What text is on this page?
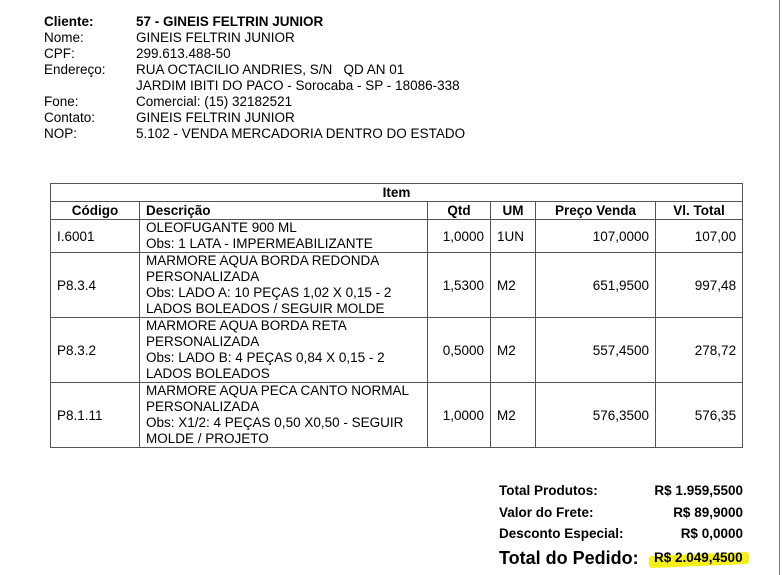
Cliente:	57 - GINEIS FELTRIN JUNIOR
Nome:	GINEIS FELTRIN JUNIOR
CPF:	299.613.488-50
Endereço:	RUA OCTACILIO ANDRIES, S/N   QD AN 01
JARDIM IBITI DO PACO - Sorocaba - SP - 18086-338
Fone:	Comercial: (15) 32182521
Contato:	GINEIS FELTRIN JUNIOR
NOP:	5.102 - VENDA MERCADORIA DENTRO DO ESTADO
Item					
Código	Descrição	Qtd	UM	Preço Venda	Vl. Total
I.6001	OLEOFUGANTE 900 ML
Obs: 1 LATA - IMPERMEABILIZANTE	1,0000	1UN	107,0000	107,00
P8.3.4	MARMORE AQUA BORDA REDONDA
PERSONALIZADA
Obs: LADO A: 10 PEÇAS 1,02 X 0,15 - 2
LADOS BOLEADOS / SEGUIR MOLDE	1,5300	M2	651,9500	997,48
P8.3.2	MARMORE AQUA BORDA RETA
PERSONALIZADA
Obs: LADO B: 4 PEÇAS 0,84 X 0,15 - 2
LADOS BOLEADOS	0,5000	M2	557,4500	278,72
P8.1.11	MARMORE AQUA PECA CANTO NORMAL
PERSONALIZADA
Obs: X1/2: 4 PEÇAS 0,50 X0,50 - SEGUIR
MOLDE / PROJETO	1,0000	M2	576,3500	576,35
Total Produtos:	R$ 1.959,5500
Valor do Frete:	R$ 89,9000
Desconto Especial:	R$ 0,0000
Total do Pedido: R$ 2.049,4500
